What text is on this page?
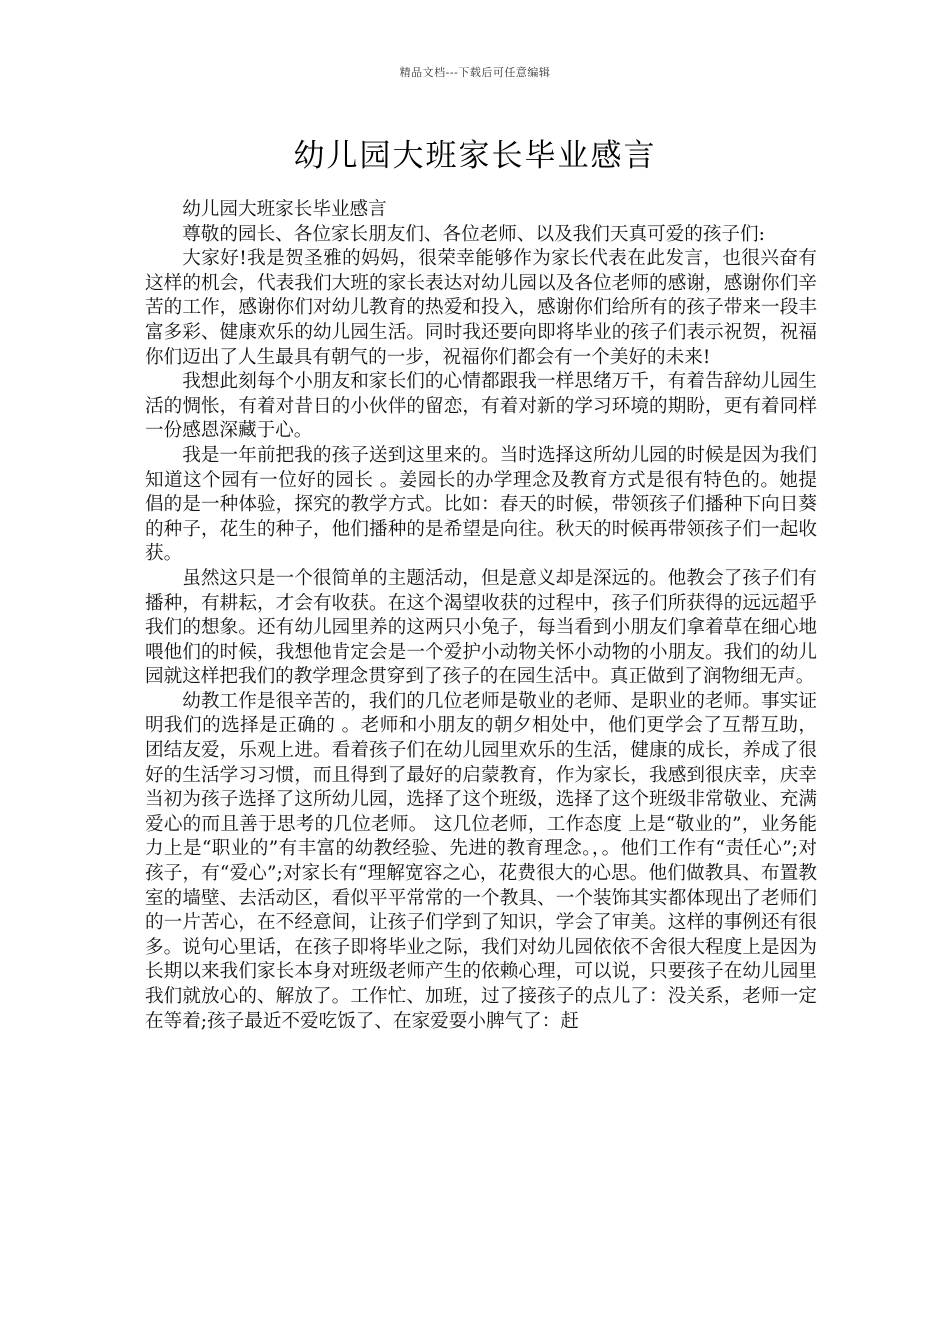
精品文档---下载后可任意编辑
幼儿园大班家长毕业感言

幼儿园大班家长毕业感言

尊敬的园长、各位家长朋友们、各位老师、以及我们天真可爱的孩子们:

大家好!我是贺圣雅的妈妈，很荣幸能够作为家长代表在此发言，也很兴奋有这样的机会，代表我们大班的家长表达对幼儿园以及各位老师的感谢，感谢你们辛苦的工作，感谢你们对幼儿教育的热爱和投入，感谢你们给所有的孩子带来一段丰富多彩、健康欢乐的幼儿园生活。同时我还要向即将毕业的孩子们表示祝贺，祝福你们迈出了人生最具有朝气的一步，祝福你们都会有一个美好的未来!

我想此刻每个小朋友和家长们的心情都跟我一样思绪万千，有着告辞幼儿园生活的惆怅，有着对昔日的小伙伴的留恋，有着对新的学习环境的期盼，更有着同样一份感恩深藏于心。

我是一年前把我的孩子送到这里来的。当时选择这所幼儿园的时候是因为我们知道这个园有一位好的园长 。姜园长的办学理念及教育方式是很有特色的。她提倡的是一种体验，探究的教学方式。比如：春天的时候，带领孩子们播种下向日葵的种子，花生的种子，他们播种的是希望是向往。秋天的时候再带领孩子们一起收获。

虽然这只是一个很简单的主题活动，但是意义却是深远的。他教会了孩子们有播种，有耕耘，才会有收获。在这个渴望收获的过程中，孩子们所获得的远远超乎我们的想象。还有幼儿园里养的这两只小兔子，每当看到小朋友们拿着草在细心地喂他们的时候，我想他肯定会是一个爱护小动物关怀小动物的小朋友。我们的幼儿园就这样把我们的教学理念贯穿到了孩子的在园生活中。真正做到了润物细无声。

幼教工作是很辛苦的，我们的几位老师是敬业的老师、是职业的老师。事实证明我们的选择是正确的 。老师和小朋友的朝夕相处中，他们更学会了互帮互助，团结友爱，乐观上进。看着孩子们在幼儿园里欢乐的生活，健康的成长，养成了很好的生活学习习惯，而且得到了最好的启蒙教育，作为家长，我感到很庆幸，庆幸当初为孩子选择了这所幼儿园，选择了这个班级，选择了这个班级非常敬业、充满爱心的而且善于思考的几位老师。 这几位老师，工作态度 上是“敬业的”，业务能力上是“职业的”有丰富的幼教经验、先进的教育理念。，。他们工作有“责任心”;对孩子，有“爱心”;对家长有“理解宽容之心，花费很大的心思。他们做教具、布置教室的墙壁、去活动区，看似平平常常的一个教具、一个装饰其实都体现出了老师们的一片苦心，在不经意间，让孩子们学到了知识，学会了审美。这样的事例还有很多。说句心里话，在孩子即将毕业之际，我们对幼儿园依依不舍很大程度上是因为长期以来我们家长本身对班级老师产生的依赖心理，可以说，只要孩子在幼儿园里我们就放心的、解放了。工作忙、加班，过了接孩子的点儿了：没关系，老师一定在等着;孩子最近不爱吃饭了、在家爱耍小脾气了：赶
